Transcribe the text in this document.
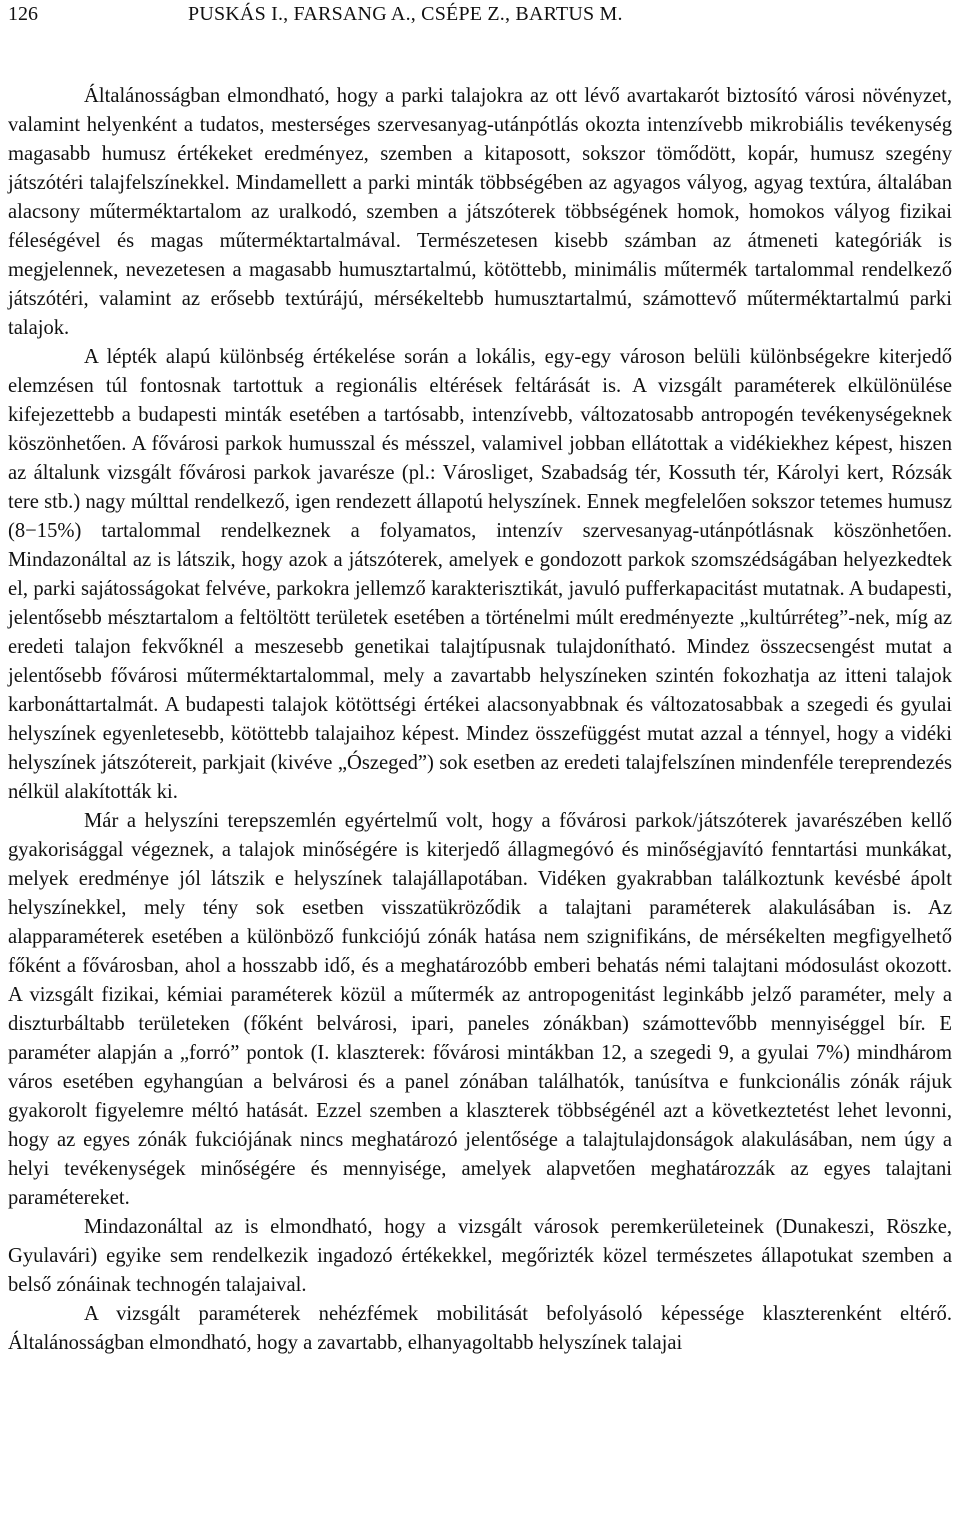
126	PUSKÁS I., FARSANG A., CSÉPE Z., BARTUS M.

Általánosságban elmondható, hogy a parki talajokra az ott lévő avartakarót biztosító városi növényzet, valamint helyenként a tudatos, mesterséges szervesanyag-utánpótlás okozta intenzívebb mikrobiális tevékenység magasabb humusz értékeket eredményez, szemben a kitaposott, sokszor tömődött, kopár, humusz szegény játszótéri talajfelszínekkel. Mindamellett a parki minták többségében az agyagos vályog, agyag textúra, általában alacsony műterméktartalom az uralkodó, szemben a játszóterek többségének homok, homokos vályog fizikai féleségével és magas műterméktartalmával. Természetesen kisebb számban az átmeneti kategóriák is megjelennek, nevezetesen a magasabb humusztartalmú, kötöttebb, minimális műtermék tartalommal rendelkező játszótéri, valamint az erősebb textúrájú, mérsékeltebb humusztartalmú, számottevő műterméktartalmú parki talajok.

A lépték alapú különbség értékelése során a lokális, egy-egy városon belüli különbségekre kiterjedő elemzésen túl fontosnak tartottuk a regionális eltérések feltárását is. A vizsgált paraméterek elkülönülése kifejezettebb a budapesti minták esetében a tartósabb, intenzívebb, változatosabb antropogén tevékenységeknek köszönhetően. A fővárosi parkok humusszal és mésszel, valamivel jobban ellátottak a vidékiekhez képest, hiszen az általunk vizsgált fővárosi parkok javarésze (pl.: Városliget, Szabadság tér, Kossuth tér, Károlyi kert, Rózsák tere stb.) nagy múlttal rendelkező, igen rendezett állapotú helyszínek. Ennek megfelelően sokszor tetemes humusz (8−15%) tartalommal rendelkeznek a folyamatos, intenzív szervesanyag-utánpótlásnak köszönhetően. Mindazonáltal az is látszik, hogy azok a játszóterek, amelyek e gondozott parkok szomszédságában helyezkedtek el, parki sajátosságokat felvéve, parkokra jellemző karakterisztikát, javuló pufferkapacitást mutatnak. A budapesti, jelentősebb mésztartalom a feltöltött területek esetében a történelmi múlt eredményezte „kultúrréteg”-nek, míg az eredeti talajon fekvőknél a meszesebb genetikai talajtípusnak tulajdonítható. Mindez összecsengést mutat a jelentősebb fővárosi műterméktartalommal, mely a zavartabb helyszíneken szintén fokozhatja az itteni talajok karbonáttartalmát. A budapesti talajok kötöttségi értékei alacsonyabbnak és változatosabbak a szegedi és gyulai helyszínek egyenletesebb, kötöttebb talajaihoz képest. Mindez összefüggést mutat azzal a ténnyel, hogy a vidéki helyszínek játszótereit, parkjait (kivéve „Ószeged”) sok esetben az eredeti talajfelszínen mindenféle tereprendezés nélkül alakították ki.

Már a helyszíni terepszemlén egyértelmű volt, hogy a fővárosi parkok/játszóterek javarészében kellő gyakorisággal végeznek, a talajok minőségére is kiterjedő állagmegóvó és minőségjavító fenntartási munkákat, melyek eredménye jól látszik e helyszínek talajállapotában. Vidéken gyakrabban találkoztunk kevésbé ápolt helyszínekkel, mely tény sok esetben visszatükröződik a talajtani paraméterek alakulásában is. Az alapparaméterek esetében a különböző funkciójú zónák hatása nem szignifikáns, de mérsékelten megfigyelhető főként a fővárosban, ahol a hosszabb idő, és a meghatározóbb emberi behatás némi talajtani módosulást okozott. A vizsgált fizikai, kémiai paraméterek közül a műtermék az antropogenitást leginkább jelző paraméter, mely a diszturbáltabb területeken (főként belvárosi, ipari, paneles zónákban) számottevőbb mennyiséggel bír. E paraméter alapján a „forró” pontok (I. klaszterek: fővárosi mintákban 12, a szegedi 9, a gyulai 7%) mindhárom város esetében egyhangúan a belvárosi és a panel zónában találhatók, tanúsítva e funkcionális zónák rájuk gyakorolt figyelemre méltó hatását. Ezzel szemben a klaszterek többségénél azt a következtetést lehet levonni, hogy az egyes zónák fukciójának nincs meghatározó jelentősége a talajtulajdonságok alakulásában, nem úgy a helyi tevékenységek minőségére és mennyisége, amelyek alapvetően meghatározzák az egyes talajtani paramétereket.

Mindazonáltal az is elmondható, hogy a vizsgált városok peremkerületeinek (Dunakeszi, Röszke, Gyulavári) egyike sem rendelkezik ingadozó értékekkel, megőrizték közel természetes állapotukat szemben a belső zónáinak technogén talajaival.

A vizsgált paraméterek nehézfémek mobilitását befolyásoló képessége klaszterenként eltérő. Általánosságban elmondható, hogy a zavartabb, elhanyagoltabb helyszínek talajai
